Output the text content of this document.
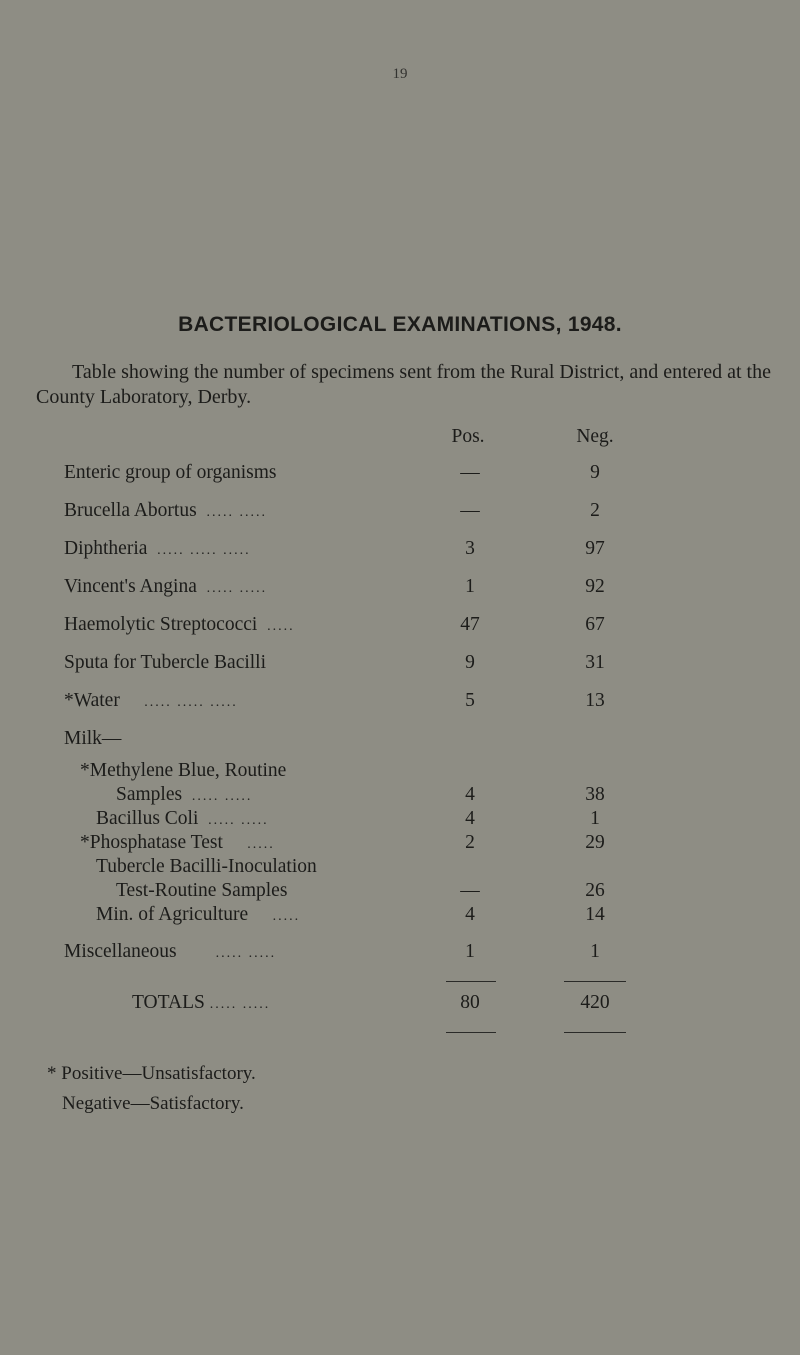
19
BACTERIOLOGICAL EXAMINATIONS, 1948.

Table showing the number of specimens sent from the Rural District, and entered at the County Laboratory, Derby.

Pos.	Neg.
Enteric group of organisms	—	9
Brucella Abortus ..... .....	—	2
Diphtheria ..... ..... .....	3	97
Vincent's Angina ..... .....	1	92
Haemolytic Streptococci .....	47	67
Sputa for Tubercle Bacilli	9	31
*Water ..... ..... .....	5	13
Milk—
*Methylene Blue, Routine
Samples ..... .....	4	38
Bacillus Coli ..... .....	4	1
*Phosphatase Test .....	2	29
Tubercle Bacilli-Inoculation
Test-Routine Samples	—	26
Min. of Agriculture .....	4	14
Miscellaneous	..... .....	1	1
TOTALS ..... .....	80	420
* Positive—Unsatisfactory.
Negative—Satisfactory.
